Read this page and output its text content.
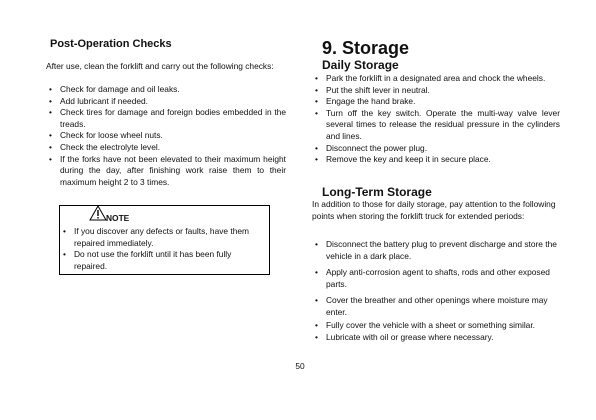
Post-Operation Checks
After use, clean the forklift and carry out the following checks:
• Check for damage and oil leaks.
• Add lubricant if needed.
• Check tires for damage and foreign bodies embedded in the treads.
• Check for loose wheel nuts.
• Check the electrolyte level.
• If the forks have not been elevated to their maximum height during the day, after finishing work raise them to their maximum height 2 to 3 times.
NOTE
• If you discover any defects or faults, have them repaired immediately.
• Do not use the forklift until it has been fully repaired.
9. Storage
Daily Storage
• Park the forklift in a designated area and chock the wheels.
• Put the shift lever in neutral.
• Engage the hand brake.
• Turn off the key switch. Operate the multi-way valve lever several times to release the residual pressure in the cylinders and lines.
• Disconnect the power plug.
• Remove the key and keep it in secure place.
Long-Term Storage
In addition to those for daily storage, pay attention to the following points when storing the forklift truck for extended periods:
• Disconnect the battery plug to prevent discharge and store the vehicle in a dark place.
• Apply anti-corrosion agent to shafts, rods and other exposed parts.
• Cover the breather and other openings where moisture may enter.
• Fully cover the vehicle with a sheet or something similar.
• Lubricate with oil or grease where necessary.
50
